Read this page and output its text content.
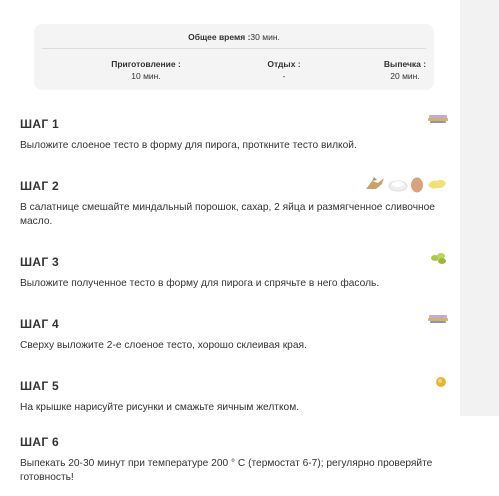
Общее время :30 мин.
Приготовление :
10 мин.
Отдых :
-
Выпечка :
20 мин.
ШАГ 1
Выложите слоеное тесто в форму для пирога, проткните тесто вилкой.
ШАГ 2
В салатнице смешайте миндальный порошок, сахар, 2 яйца и размягченное сливочное масло.
ШАГ 3
Выложите полученное тесто в форму для пирога и спрячьте в него фасоль.
ШАГ 4
Сверху выложите 2-е слоеное тесто, хорошо склеивая края.
ШАГ 5
На крышке нарисуйте рисунки и смажьте яичным желтком.
ШАГ 6
Выпекать 20-30 минут при температуре 200 ° С (термостат 6-7); регулярно проверяйте готовность!
